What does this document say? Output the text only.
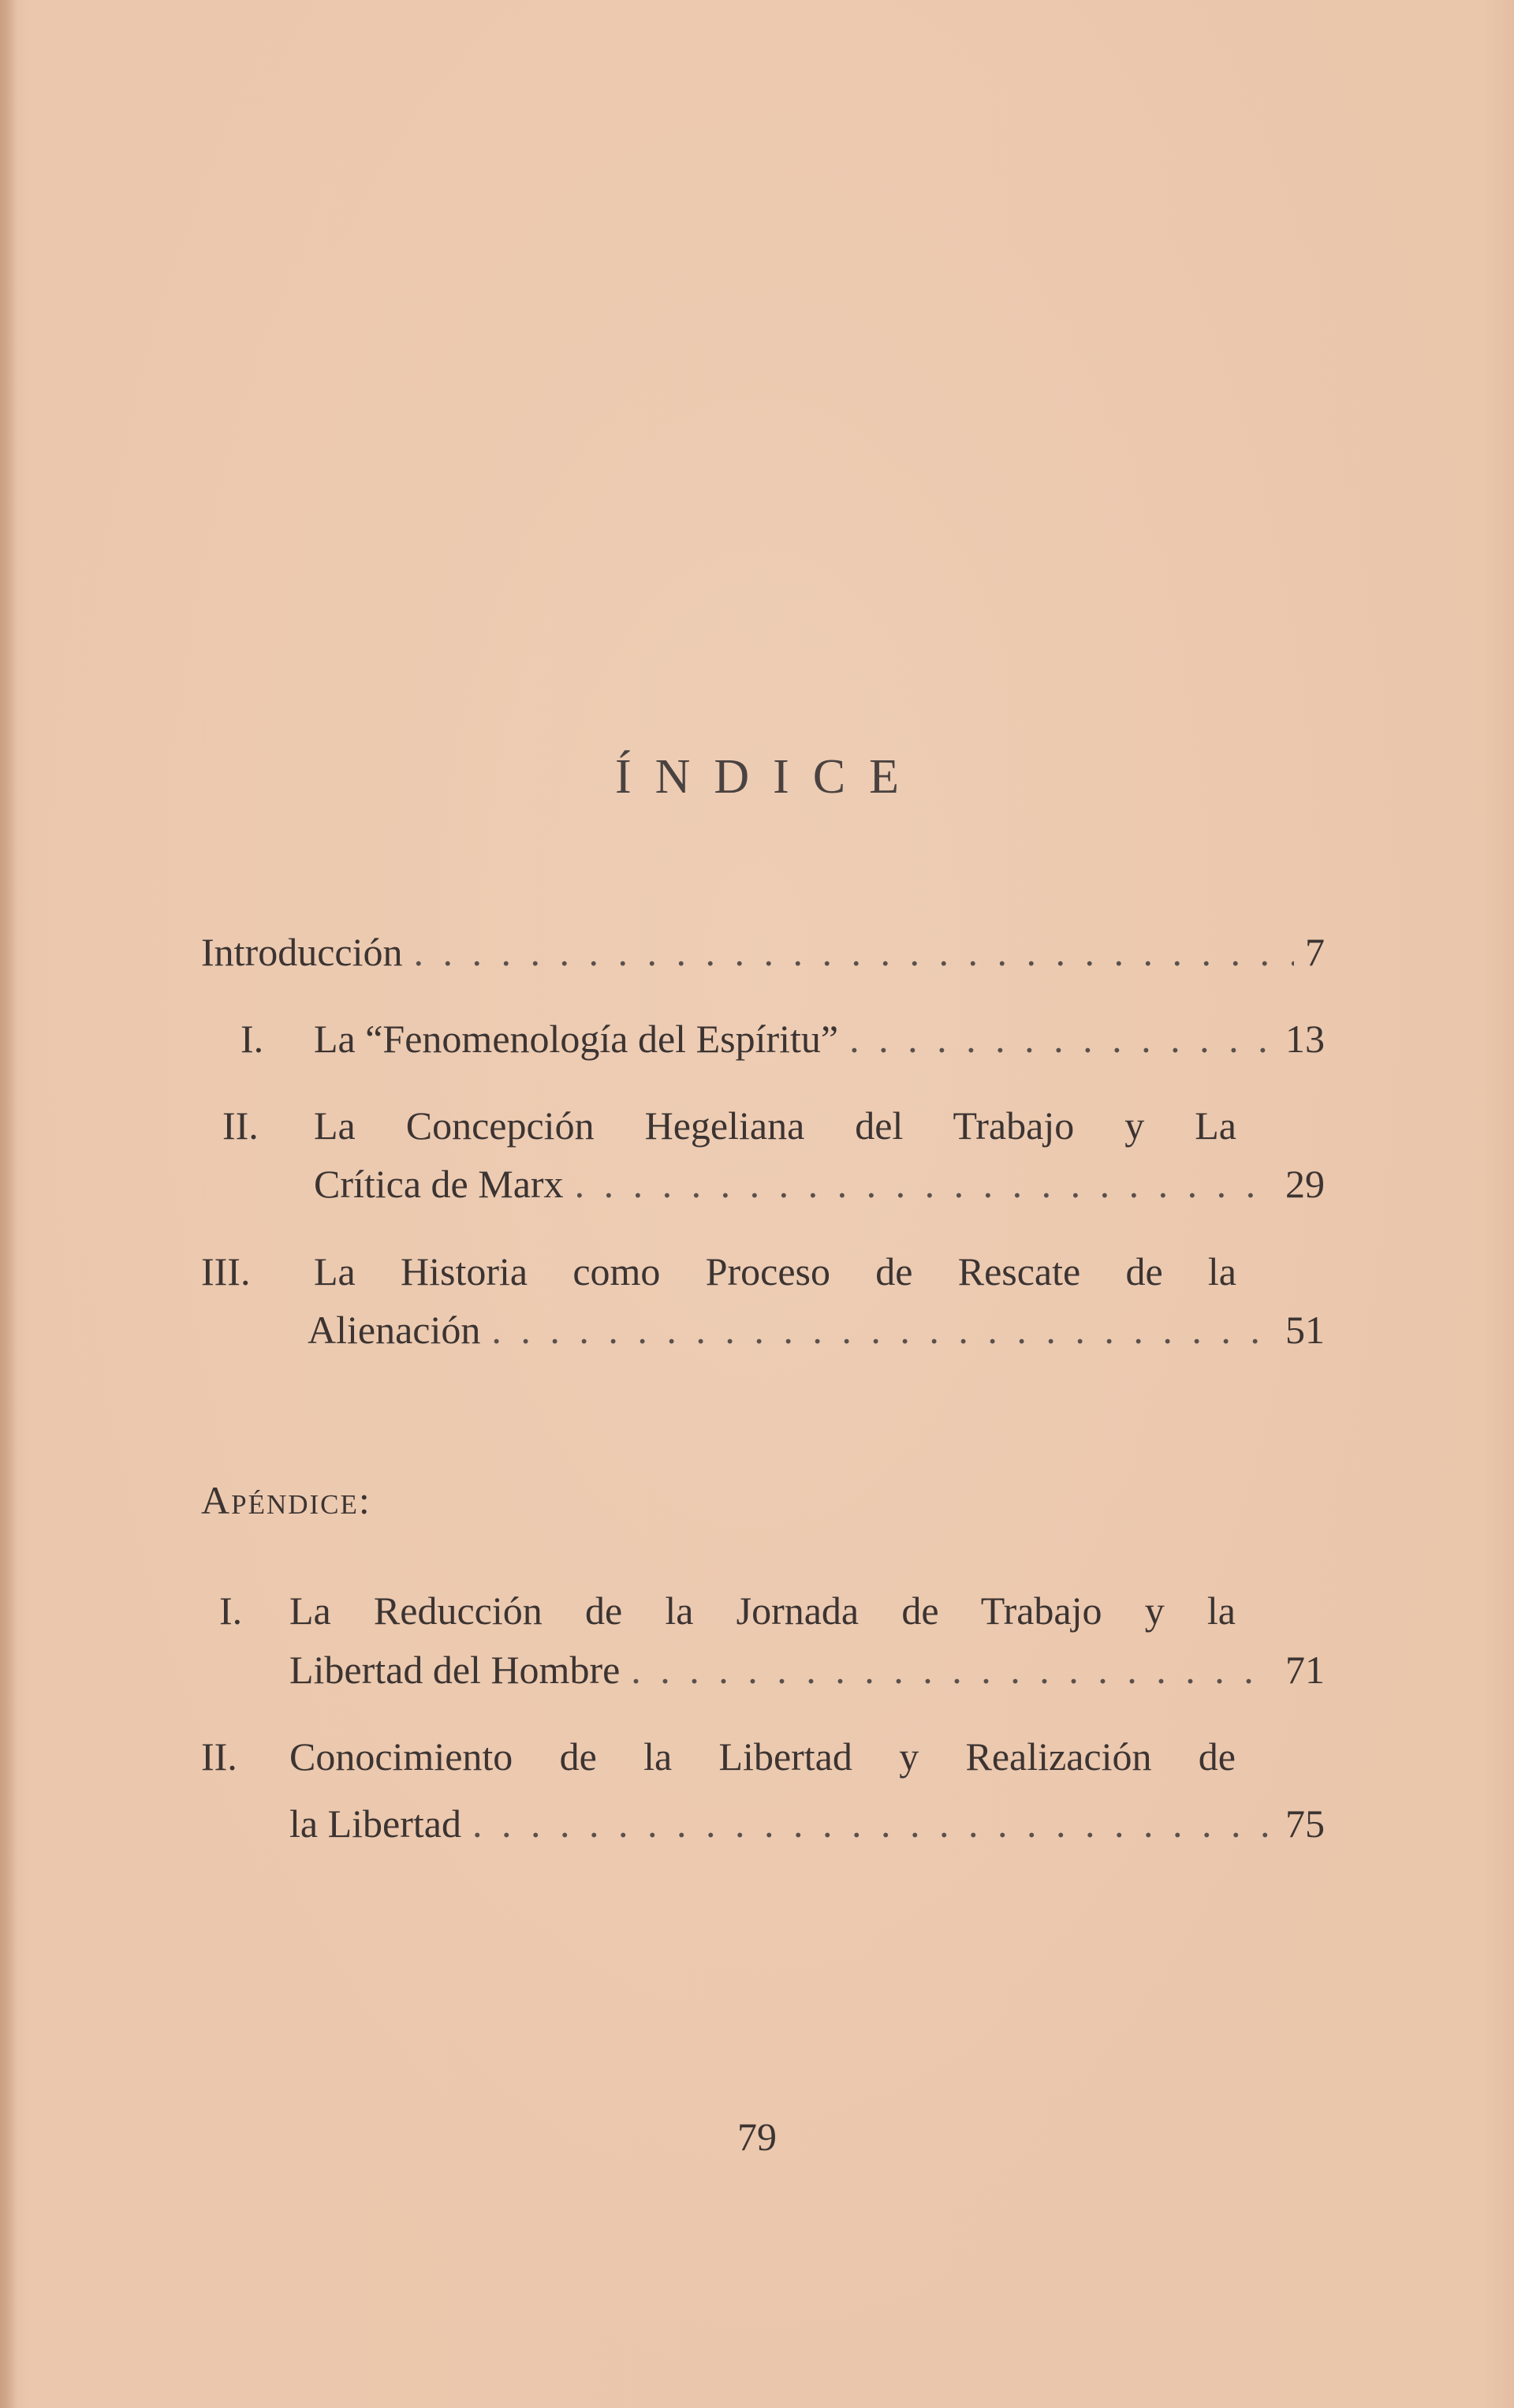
ÍNDICE
Introducción . . .	7
I. La “Fenomenología del Espíritu” . . .	13
II. La Concepción Hegeliana del Trabajo y La
Crítica de Marx . . .	29
III. La Historia como Proceso de Rescate de la
Alienación . . .	51
Apéndice:
I. La Reducción de la Jornada de Trabajo y la
Libertad del Hombre . . .	71
II. Conocimiento de la Libertad y Realización de
la Libertad . . .	75
79
